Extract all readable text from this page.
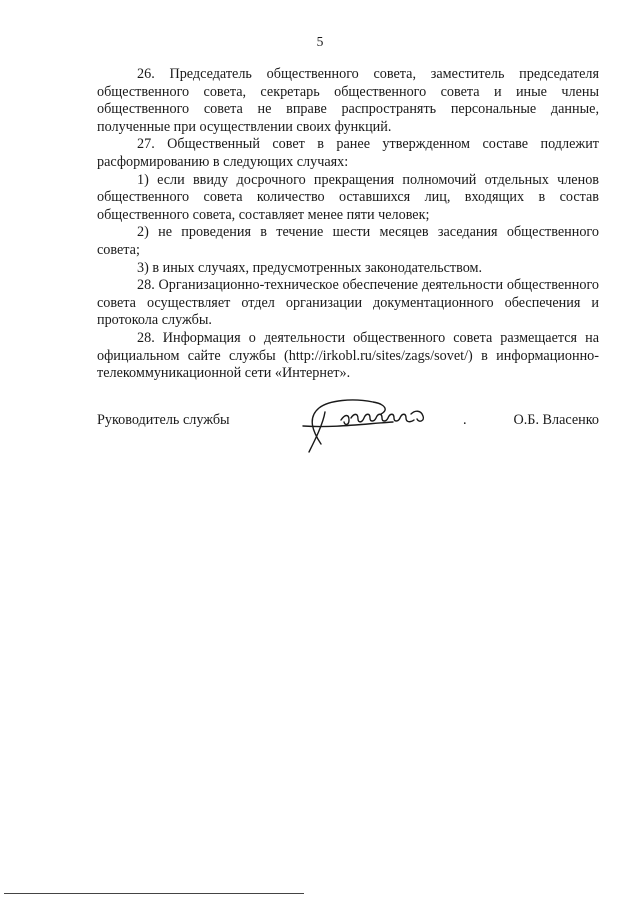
5

26. Председатель общественного совета, заместитель председателя общественного совета, секретарь общественного совета и иные члены общественного совета не вправе распространять персональные данные, полученные при осуществлении своих функций.

27. Общественный совет в ранее утвержденном составе подлежит расформированию в следующих случаях:

1) если ввиду досрочного прекращения полномочий отдельных членов общественного совета количество оставшихся лиц, входящих в состав общественного совета, составляет менее пяти человек;

2) не проведения в течение шести месяцев заседания общественного совета;

3) в иных случаях, предусмотренных законодательством.

28. Организационно-техническое обеспечение деятельности общественного совета осуществляет отдел организации документационного обеспечения и протокола службы.

28. Информация о деятельности общественного совета размещается на официальном сайте службы (http://irkobl.ru/sites/zags/sovet/) в информационно-телекоммуникационной сети «Интернет».

Руководитель службы	.	О.Б. Власенко
